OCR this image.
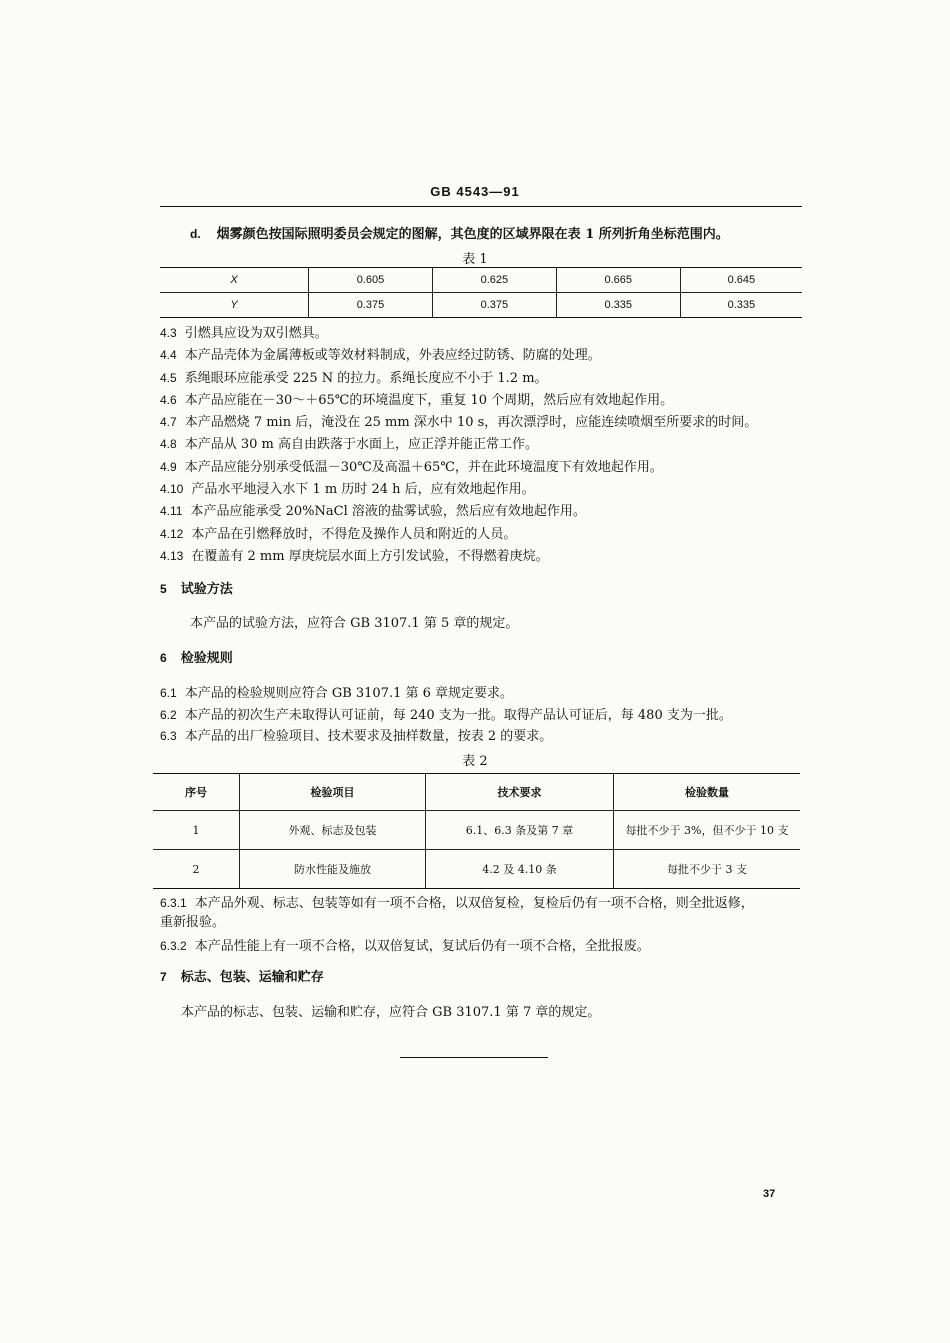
GB 4543—91
d. 烟雾颜色按国际照明委员会规定的图解，其色度的区域界限在表 1 所列折角坐标范围内。
表 1
X	0.605	0.625	0.665	0.645
Y	0.375	0.375	0.335	0.335
4.3 引燃具应设为双引燃具。
4.4 本产品壳体为金属薄板或等效材料制成，外表应经过防锈、防腐的处理。
4.5 系绳眼环应能承受 225 N 的拉力。系绳长度应不小于 1.2 m。
4.6 本产品应能在－30～＋65℃的环境温度下，重复 10 个周期，然后应有效地起作用。
4.7 本产品燃烧 7 min 后，淹没在 25 mm 深水中 10 s，再次漂浮时，应能连续喷烟至所要求的时间。
4.8 本产品从 30 m 高自由跌落于水面上，应正浮并能正常工作。
4.9 本产品应能分别承受低温－30℃及高温＋65℃，并在此环境温度下有效地起作用。
4.10 产品水平地浸入水下 1 m 历时 24 h 后，应有效地起作用。
4.11 本产品应能承受 20%NaCl 溶液的盐雾试验，然后应有效地起作用。
4.12 本产品在引燃释放时，不得危及操作人员和附近的人员。
4.13 在覆盖有 2 mm 厚庚烷层水面上方引发试验，不得燃着庚烷。
5 试验方法
本产品的试验方法，应符合 GB 3107.1 第 5 章的规定。
6 检验规则
6.1 本产品的检验规则应符合 GB 3107.1 第 6 章规定要求。
6.2 本产品的初次生产未取得认可证前，每 240 支为一批。取得产品认可证后，每 480 支为一批。
6.3 本产品的出厂检验项目、技术要求及抽样数量，按表 2 的要求。
表 2
序号	检验项目	技术要求	检验数量
1	外观、标志及包装	6.1、6.3 条及第 7 章	每批不少于 3%，但不少于 10 支
2	防水性能及施放	4.2 及 4.10 条	每批不少于 3 支
6.3.1 本产品外观、标志、包装等如有一项不合格，以双倍复检，复检后仍有一项不合格，则全批返修，
重新报验。
6.3.2 本产品性能上有一项不合格，以双倍复试，复试后仍有一项不合格，全批报废。
7 标志、包装、运输和贮存
本产品的标志、包装、运输和贮存，应符合 GB 3107.1 第 7 章的规定。
37
